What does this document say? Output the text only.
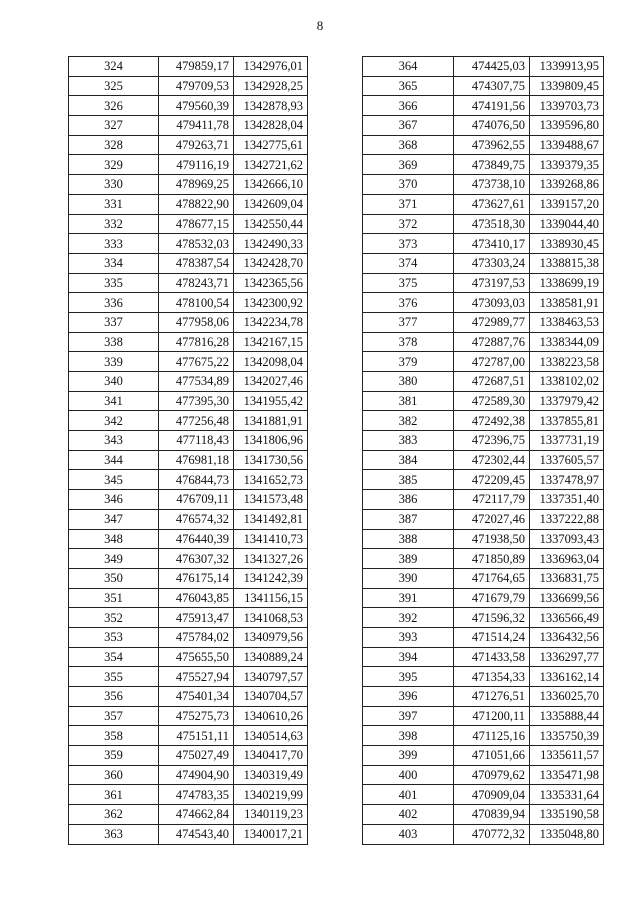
8
324	479859,17	1342976,01
325	479709,53	1342928,25
326	479560,39	1342878,93
327	479411,78	1342828,04
328	479263,71	1342775,61
329	479116,19	1342721,62
330	478969,25	1342666,10
331	478822,90	1342609,04
332	478677,15	1342550,44
333	478532,03	1342490,33
334	478387,54	1342428,70
335	478243,71	1342365,56
336	478100,54	1342300,92
337	477958,06	1342234,78
338	477816,28	1342167,15
339	477675,22	1342098,04
340	477534,89	1342027,46
341	477395,30	1341955,42
342	477256,48	1341881,91
343	477118,43	1341806,96
344	476981,18	1341730,56
345	476844,73	1341652,73
346	476709,11	1341573,48
347	476574,32	1341492,81
348	476440,39	1341410,73
349	476307,32	1341327,26
350	476175,14	1341242,39
351	476043,85	1341156,15
352	475913,47	1341068,53
353	475784,02	1340979,56
354	475655,50	1340889,24
355	475527,94	1340797,57
356	475401,34	1340704,57
357	475275,73	1340610,26
358	475151,11	1340514,63
359	475027,49	1340417,70
360	474904,90	1340319,49
361	474783,35	1340219,99
362	474662,84	1340119,23
363	474543,40	1340017,21
364	474425,03	1339913,95
365	474307,75	1339809,45
366	474191,56	1339703,73
367	474076,50	1339596,80
368	473962,55	1339488,67
369	473849,75	1339379,35
370	473738,10	1339268,86
371	473627,61	1339157,20
372	473518,30	1339044,40
373	473410,17	1338930,45
374	473303,24	1338815,38
375	473197,53	1338699,19
376	473093,03	1338581,91
377	472989,77	1338463,53
378	472887,76	1338344,09
379	472787,00	1338223,58
380	472687,51	1338102,02
381	472589,30	1337979,42
382	472492,38	1337855,81
383	472396,75	1337731,19
384	472302,44	1337605,57
385	472209,45	1337478,97
386	472117,79	1337351,40
387	472027,46	1337222,88
388	471938,50	1337093,43
389	471850,89	1336963,04
390	471764,65	1336831,75
391	471679,79	1336699,56
392	471596,32	1336566,49
393	471514,24	1336432,56
394	471433,58	1336297,77
395	471354,33	1336162,14
396	471276,51	1336025,70
397	471200,11	1335888,44
398	471125,16	1335750,39
399	471051,66	1335611,57
400	470979,62	1335471,98
401	470909,04	1335331,64
402	470839,94	1335190,58
403	470772,32	1335048,80
